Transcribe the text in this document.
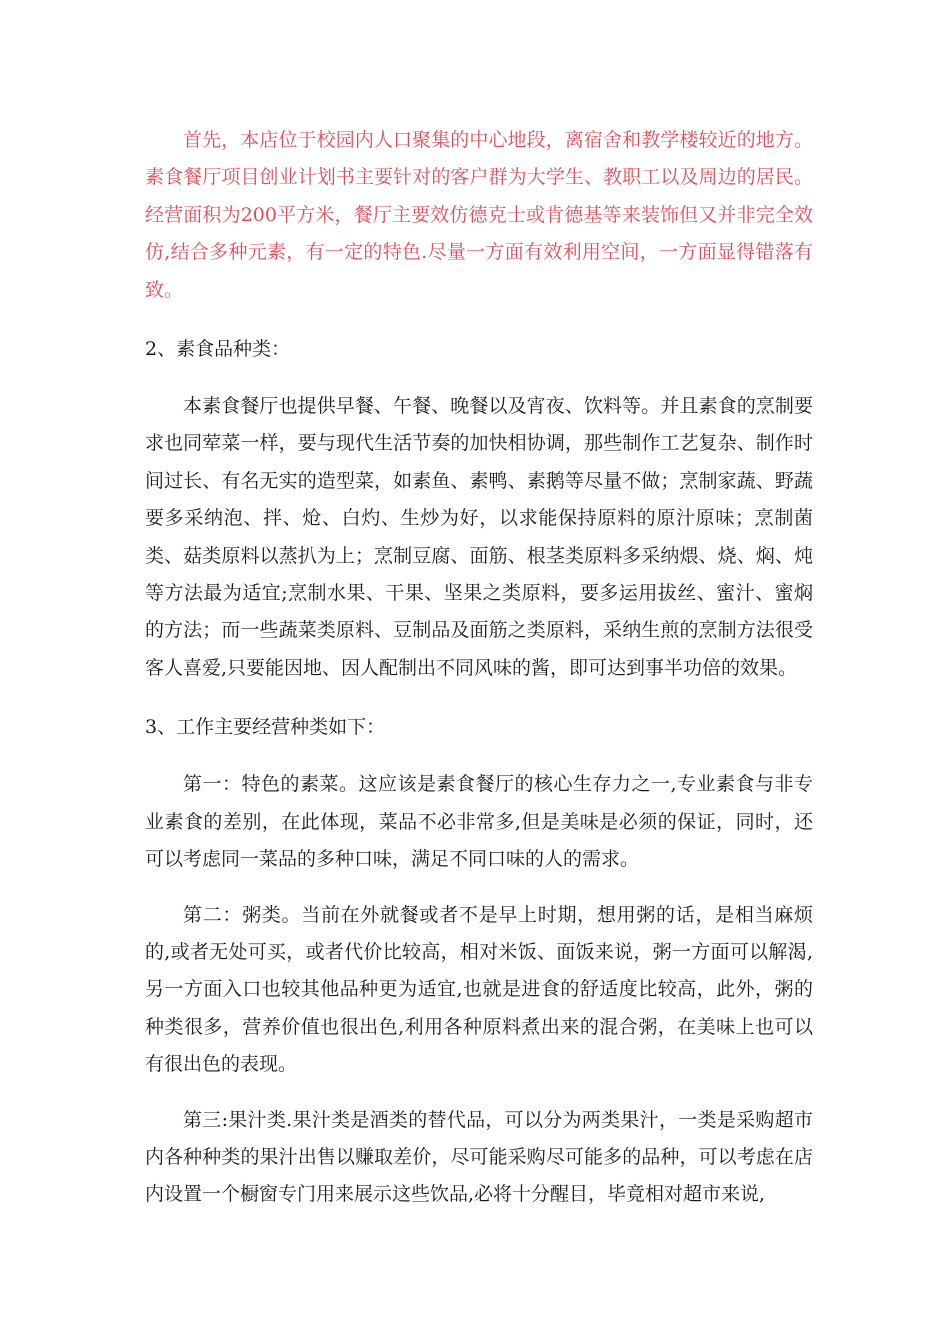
首先，本店位于校园内人口聚集的中心地段，离宿舍和教学楼较近的地方。素食餐厅项目创业计划书主要针对的客户群为大学生、教职工以及周边的居民。经营面积为200平方米，餐厅主要效仿德克士或肯德基等来装饰但又并非完全效仿,结合多种元素，有一定的特色.尽量一方面有效利用空间，一方面显得错落有致。

2、素食品种类：

本素食餐厅也提供早餐、午餐、晚餐以及宵夜、饮料等。并且素食的烹制要求也同荤菜一样，要与现代生活节奏的加快相协调，那些制作工艺复杂、制作时间过长、有名无实的造型菜，如素鱼、素鸭、素鹅等尽量不做；烹制家蔬、野蔬要多采纳泡、拌、炝、白灼、生炒为好，以求能保持原料的原汁原味；烹制菌类、菇类原料以蒸扒为上；烹制豆腐、面筋、根茎类原料多采纳煨、烧、焖、炖等方法最为适宜;烹制水果、干果、坚果之类原料，要多运用拔丝、蜜汁、蜜焖的方法；而一些蔬菜类原料、豆制品及面筋之类原料，采纳生煎的烹制方法很受客人喜爱,只要能因地、因人配制出不同风味的酱，即可达到事半功倍的效果。

3、工作主要经营种类如下：

第一：特色的素菜。这应该是素食餐厅的核心生存力之一,专业素食与非专业素食的差别，在此体现，菜品不必非常多,但是美味是必须的保证，同时，还可以考虑同一菜品的多种口味，满足不同口味的人的需求。

第二：粥类。当前在外就餐或者不是早上时期，想用粥的话，是相当麻烦的,或者无处可买，或者代价比较高，相对米饭、面饭来说，粥一方面可以解渴,另一方面入口也较其他品种更为适宜,也就是进食的舒适度比较高，此外，粥的种类很多，营养价值也很出色,利用各种原料煮出来的混合粥，在美味上也可以有很出色的表现。

第三:果汁类.果汁类是酒类的替代品，可以分为两类果汁，一类是采购超市内各种种类的果汁出售以赚取差价，尽可能采购尽可能多的品种，可以考虑在店内设置一个橱窗专门用来展示这些饮品,必将十分醒目，毕竟相对超市来说,
